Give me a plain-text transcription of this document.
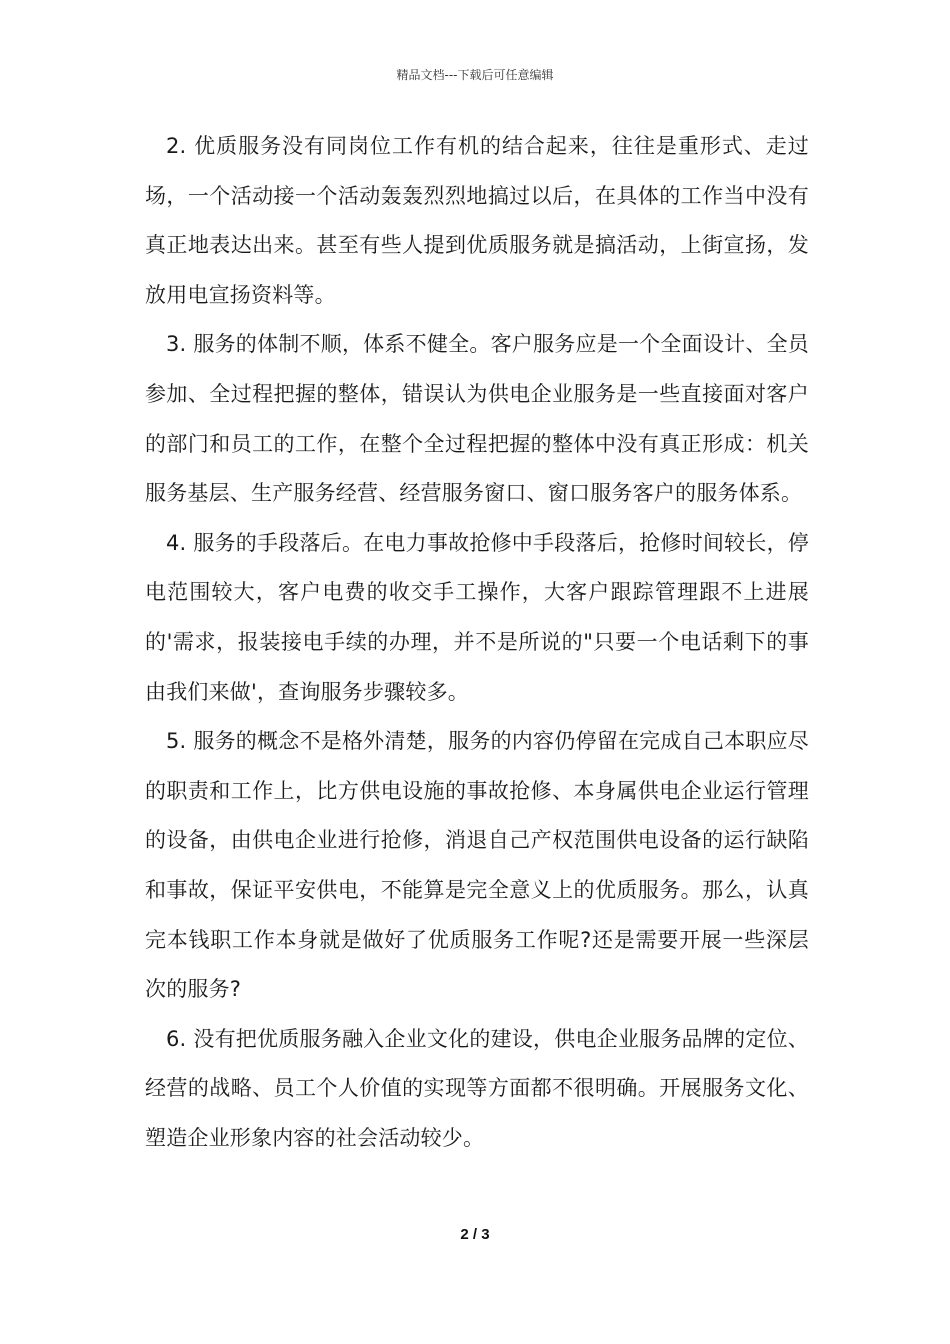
精品文档---下载后可任意编辑

2. 优质服务没有同岗位工作有机的结合起来，往往是重形式、走过场，一个活动接一个活动轰轰烈烈地搞过以后，在具体的工作当中没有真正地表达出来。甚至有些人提到优质服务就是搞活动，上街宣扬，发放用电宣扬资料等。

3. 服务的体制不顺，体系不健全。客户服务应是一个全面设计、全员参加、全过程把握的整体，错误认为供电企业服务是一些直接面对客户的部门和员工的工作，在整个全过程把握的整体中没有真正形成：机关服务基层、生产服务经营、经营服务窗口、窗口服务客户的服务体系。

4. 服务的手段落后。在电力事故抢修中手段落后，抢修时间较长，停电范围较大，客户电费的收交手工操作，大客户跟踪管理跟不上进展的'需求，报装接电手续的办理，并不是所说的"只要一个电话剩下的事由我们来做'，查询服务步骤较多。

5. 服务的概念不是格外清楚，服务的内容仍停留在完成自己本职应尽的职责和工作上，比方供电设施的事故抢修、本身属供电企业运行管理的设备，由供电企业进行抢修，消退自己产权范围供电设备的运行缺陷和事故，保证平安供电，不能算是完全意义上的优质服务。那么，认真完本钱职工作本身就是做好了优质服务工作呢?还是需要开展一些深层次的服务?

6. 没有把优质服务融入企业文化的建设，供电企业服务品牌的定位、经营的战略、员工个人价值的实现等方面都不很明确。开展服务文化、塑造企业形象内容的社会活动较少。

2 / 3
